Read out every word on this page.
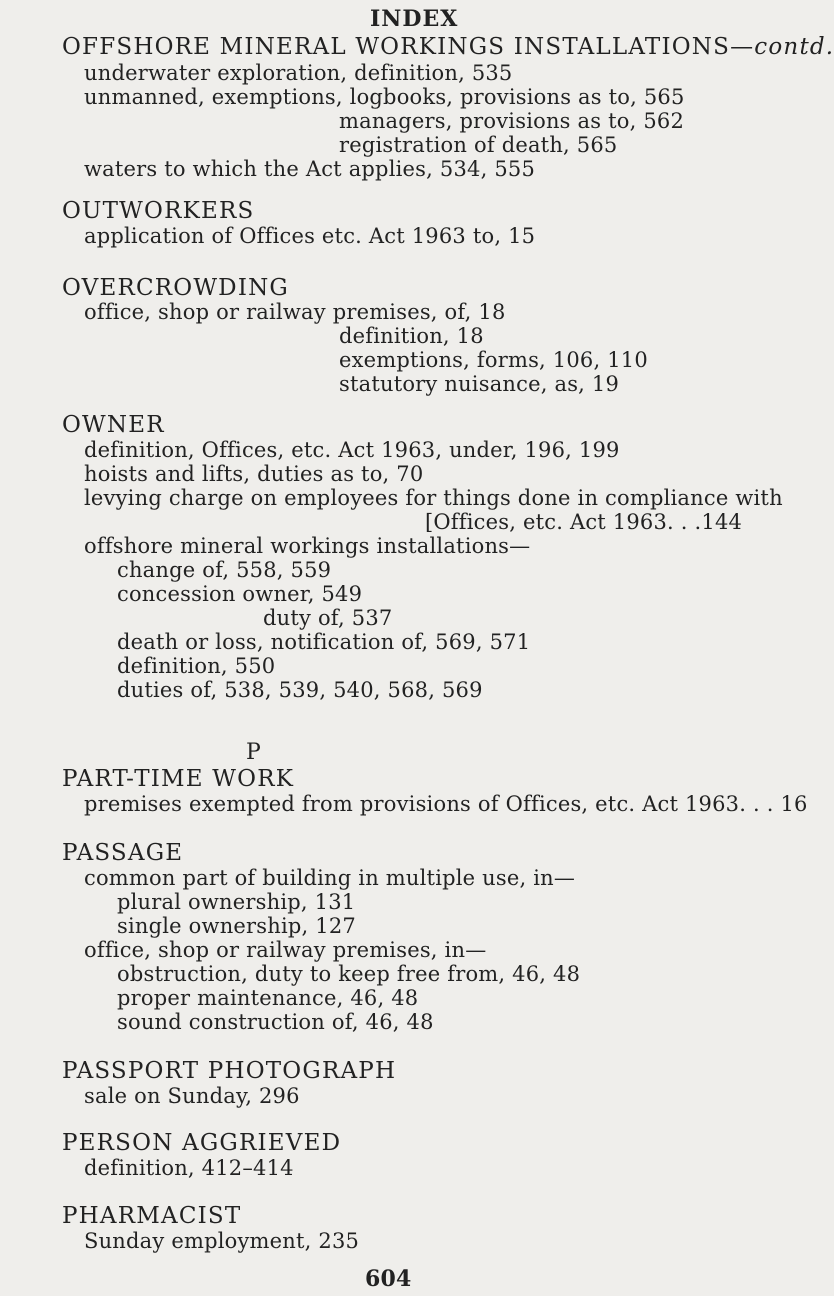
INDEX
OFFSHORE MINERAL WORKINGS INSTALLATIONS—contd.
underwater exploration, definition, 535
unmanned, exemptions, logbooks, provisions as to, 565
managers, provisions as to, 562
registration of death, 565
waters to which the Act applies, 534, 555
OUTWORKERS
application of Offices etc. Act 1963 to, 15
OVERCROWDING
office, shop or railway premises, of, 18
definition, 18
exemptions, forms, 106, 110
statutory nuisance, as, 19
OWNER
definition, Offices, etc. Act 1963, under, 196, 199
hoists and lifts, duties as to, 70
levying charge on employees for things done in compliance with
[Offices, etc. Act 1963. . .144
offshore mineral workings installations—
change of, 558, 559
concession owner, 549
duty of, 537
death or loss, notification of, 569, 571
definition, 550
duties of, 538, 539, 540, 568, 569
P
PART-TIME WORK
premises exempted from provisions of Offices, etc. Act 1963. . . 16
PASSAGE
common part of building in multiple use, in—
plural ownership, 131
single ownership, 127
office, shop or railway premises, in—
obstruction, duty to keep free from, 46, 48
proper maintenance, 46, 48
sound construction of, 46, 48
PASSPORT PHOTOGRAPH
sale on Sunday, 296
PERSON AGGRIEVED
definition, 412–414
PHARMACIST
Sunday employment, 235
604
